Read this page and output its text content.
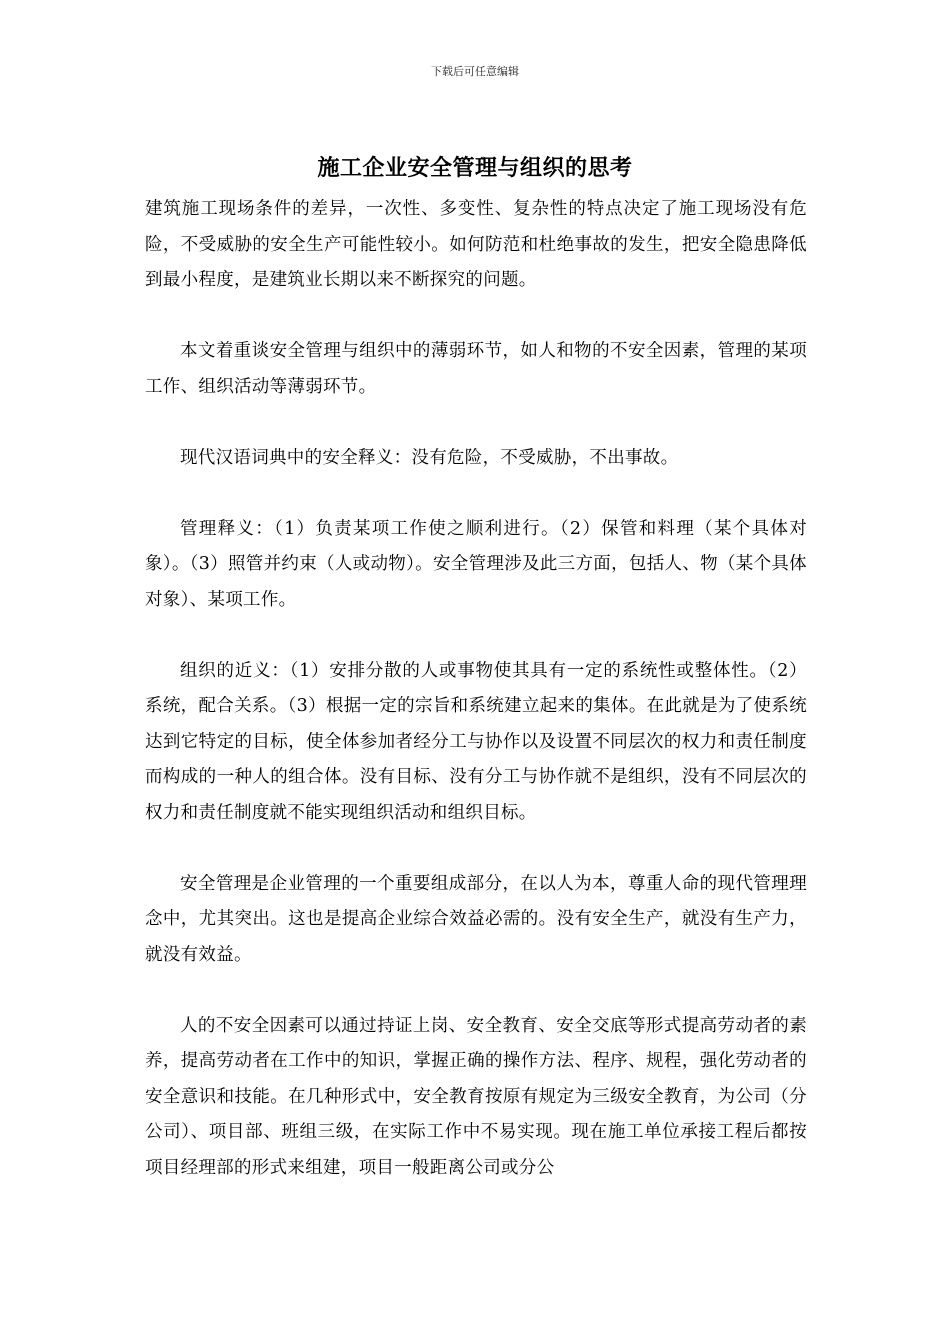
下载后可任意编辑
施工企业安全管理与组织的思考

建筑施工现场条件的差异，一次性、多变性、复杂性的特点决定了施工现场没有危险，不受威胁的安全生产可能性较小。如何防范和杜绝事故的发生，把安全隐患降低到最小程度，是建筑业长期以来不断探究的问题。

本文着重谈安全管理与组织中的薄弱环节，如人和物的不安全因素，管理的某项工作、组织活动等薄弱环节。

现代汉语词典中的安全释义：没有危险，不受威胁，不出事故。

管理释义：（1）负责某项工作使之顺利进行。（2）保管和料理（某个具体对象）。（3）照管并约束（人或动物）。安全管理涉及此三方面，包括人、物（某个具体对象）、某项工作。

组织的近义：（1）安排分散的人或事物使其具有一定的系统性或整体性。（2）系统，配合关系。（3）根据一定的宗旨和系统建立起来的集体。在此就是为了使系统达到它特定的目标，使全体参加者经分工与协作以及设置不同层次的权力和责任制度而构成的一种人的组合体。没有目标、没有分工与协作就不是组织，没有不同层次的权力和责任制度就不能实现组织活动和组织目标。

安全管理是企业管理的一个重要组成部分，在以人为本，尊重人命的现代管理理念中，尤其突出。这也是提高企业综合效益必需的。没有安全生产，就没有生产力，就没有效益。

人的不安全因素可以通过持证上岗、安全教育、安全交底等形式提高劳动者的素养，提高劳动者在工作中的知识，掌握正确的操作方法、程序、规程，强化劳动者的安全意识和技能。在几种形式中，安全教育按原有规定为三级安全教育，为公司（分公司）、项目部、班组三级，在实际工作中不易实现。现在施工单位承接工程后都按项目经理部的形式来组建，项目一般距离公司或分公
